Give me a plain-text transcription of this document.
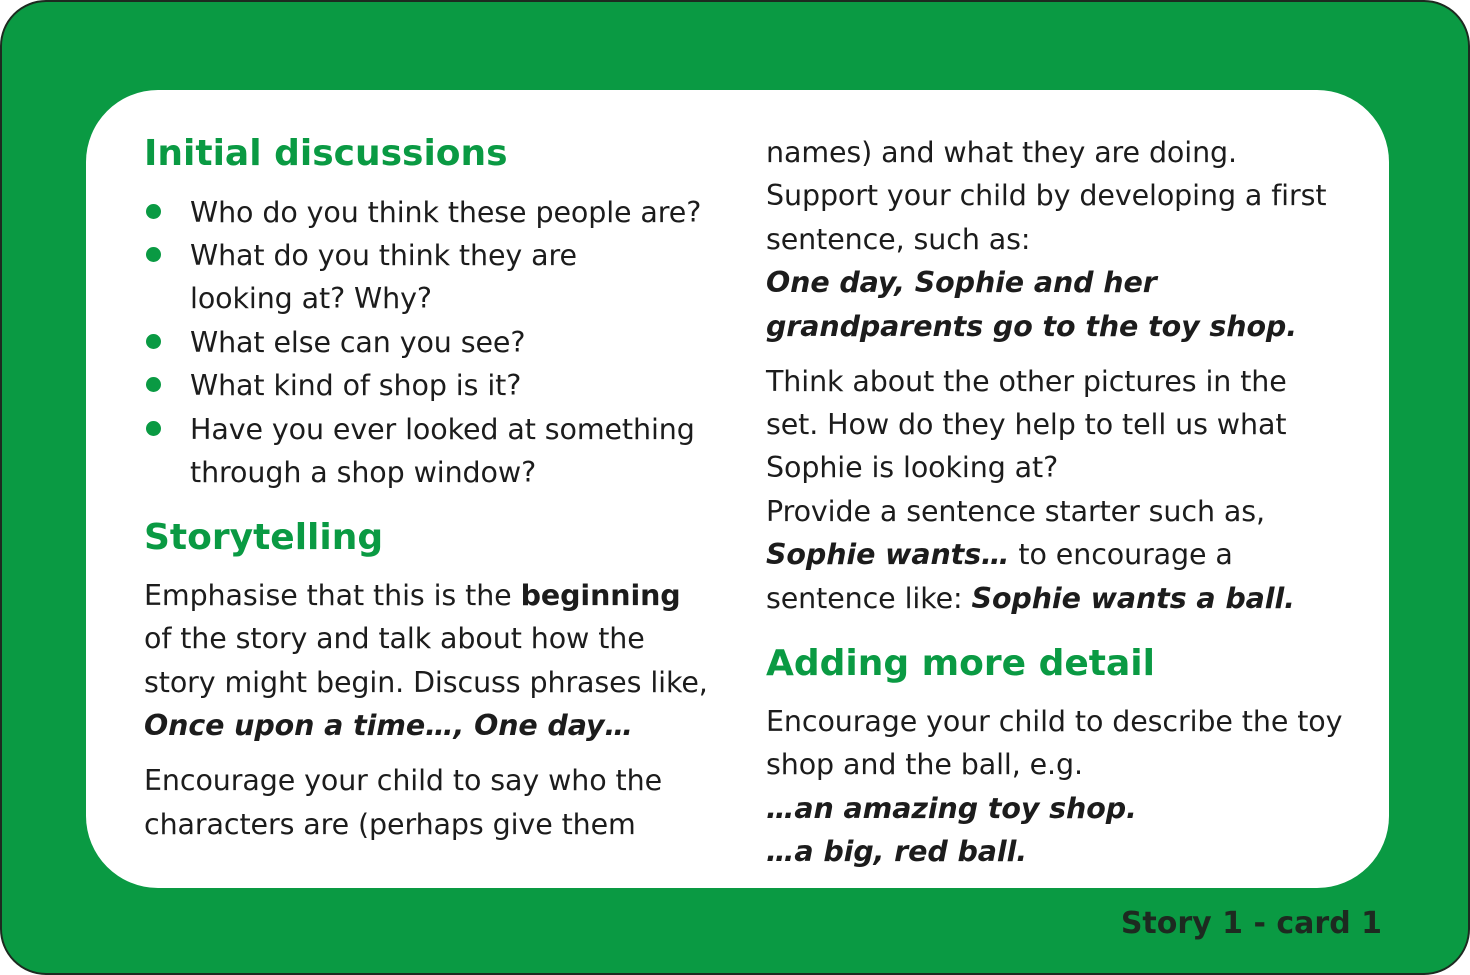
Initial discussions
Who do you think these people are?
What do you think they are
looking at? Why?
What else can you see?
What kind of shop is it?
Have you ever looked at something
through a shop window?
Storytelling
Emphasise that this is the beginning
of the story and talk about how the
story might begin. Discuss phrases like,
Once upon a time…, One day…
Encourage your child to say who the
characters are (perhaps give them
names) and what they are doing.
Support your child by developing a first
sentence, such as:
One day, Sophie and her
grandparents go to the toy shop.
Think about the other pictures in the
set. How do they help to tell us what
Sophie is looking at?
Provide a sentence starter such as,
Sophie wants… to encourage a
sentence like: Sophie wants a ball.
Adding more detail
Encourage your child to describe the toy
shop and the ball, e.g.
…an amazing toy shop.
…a big, red ball.
Story 1 - card 1
